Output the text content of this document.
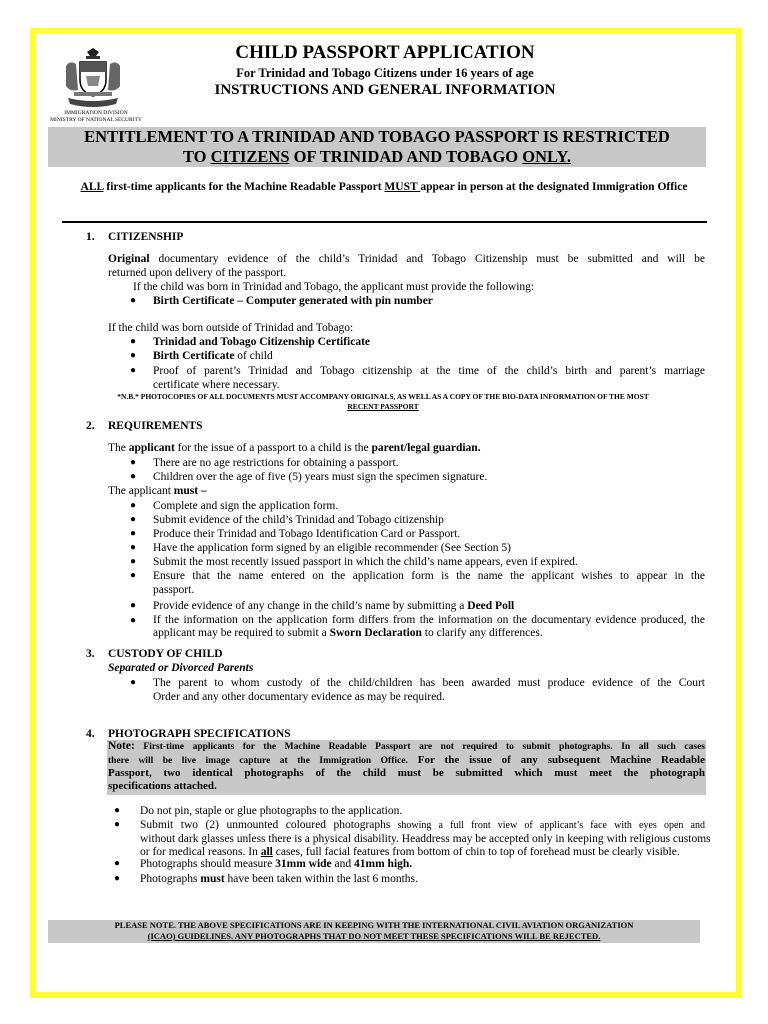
IMMIGRATION DIVISION
MINISTRY OF NATIONAL SECURITY
CHILD PASSPORT APPLICATION
For Trinidad and Tobago Citizens under 16 years of age
INSTRUCTIONS AND GENERAL INFORMATION
ENTITLEMENT TO A TRINIDAD AND TOBAGO PASSPORT IS RESTRICTED
TO CITIZENS OF TRINIDAD AND TOBAGO ONLY.
ALL first-time applicants for the Machine Readable Passport MUST appear in person at the designated Immigration Office
1. CITIZENSHIP
Original documentary evidence of the child’s Trinidad and Tobago Citizenship must be submitted and will be
returned upon delivery of the passport.
If the child was born in Trinidad and Tobago, the applicant must provide the following:
● Birth Certificate – Computer generated with pin number
If the child was born outside of Trinidad and Tobago:
● Trinidad and Tobago Citizenship Certificate
● Birth Certificate of child
● Proof of parent’s Trinidad and Tobago citizenship at the time of the child’s birth and parent’s marriage
certificate where necessary.
*N.B.* PHOTOCOPIES OF ALL DOCUMENTS MUST ACCOMPANY ORIGINALS, AS WELL AS A COPY OF THE BIO-DATA INFORMATION OF THE MOST
RECENT PASSPORT
2. REQUIREMENTS
The applicant for the issue of a passport to a child is the parent/legal guardian.
● There are no age restrictions for obtaining a passport.
● Children over the age of five (5) years must sign the specimen signature.
The applicant must –
● Complete and sign the application form.
● Submit evidence of the child’s Trinidad and Tobago citizenship
● Produce their Trinidad and Tobago Identification Card or Passport.
● Have the application form signed by an eligible recommender (See Section 5)
● Submit the most recently issued passport in which the child’s name appears, even if expired.
● Ensure that the name entered on the application form is the name the applicant wishes to appear in the
passport.
● Provide evidence of any change in the child’s name by submitting a Deed Poll
● If the information on the application form differs from the information on the documentary evidence produced, the
applicant may be required to submit a Sworn Declaration to clarify any differences.
3. CUSTODY OF CHILD
Separated or Divorced Parents
● The parent to whom custody of the child/children has been awarded must produce evidence of the Court
Order and any other documentary evidence as may be required.
4. PHOTOGRAPH SPECIFICATIONS
Note: First-time applicants for the Machine Readable Passport are not required to submit photographs. In all such cases
there will be live image capture at the Immigration Office. For the issue of any subsequent Machine Readable
Passport, two identical photographs of the child must be submitted which must meet the photograph
specifications attached.
● Do not pin, staple or glue photographs to the application.
● Submit two (2) unmounted coloured photographs showing a full front view of applicant’s face with eyes open and
without dark glasses unless there is a physical disability. Headdress may be accepted only in keeping with religious customs
or for medical reasons. In all cases, full facial features from bottom of chin to top of forehead must be clearly visible.
● Photographs should measure 31mm wide and 41mm high.
● Photographs must have been taken within the last 6 months.
PLEASE NOTE. THE ABOVE SPECIFICATIONS ARE IN KEEPING WITH THE INTERNATIONAL CIVIL AVIATION ORGANIZATION
(ICAO) GUIDELINES. ANY PHOTOGRAPHS THAT DO NOT MEET THESE SPECIFICATIONS WILL BE REJECTED.
